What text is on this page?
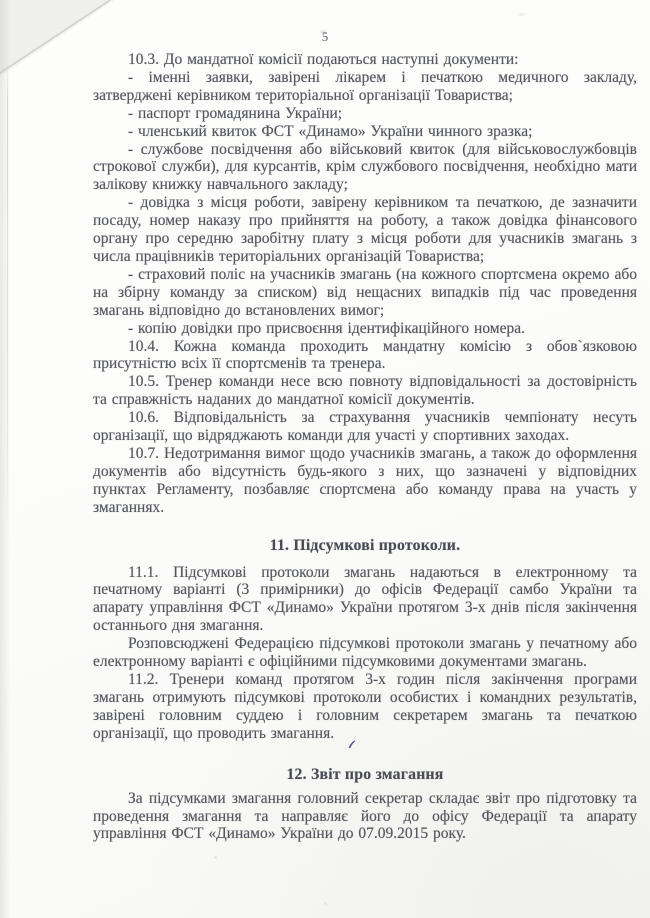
5

10.3. До мандатної комісії подаються наступні документи:

- іменні заявки, завірені лікарем і печаткою медичного закладу, затверджені керівником територіальної організації Товариства;

- паспорт громадянина України;

- членський квиток ФСТ «Динамо» України чинного зразка;

- службове посвідчення або військовий квиток (для військовослужбовців строкової служби), для курсантів, крім службового посвідчення, необхідно мати залікову книжку навчального закладу;

- довідка з місця роботи, завірену керівником та печаткою, де зазначити посаду, номер наказу про прийняття на роботу, а також довідка фінансового органу про середню заробітну плату з місця роботи для учасників змагань з числа працівників територіальних організацій Товариства;

- страховий поліс на учасників змагань (на кожного спортсмена окремо або на збірну команду за списком) від нещасних випадків під час проведення змагань відповідно до встановлених вимог;

- копію довідки про присвоєння ідентифікаційного номера.

10.4. Кожна команда проходить мандатну комісію з обов`язковою присутністю всіх її спортсменів та тренера.

10.5. Тренер команди несе всю повноту відповідальності за достовірність та справжність наданих до мандатної комісії документів.

10.6. Відповідальність за страхування учасників чемпіонату несуть організації, що відряджають команди для участі у спортивних заходах.

10.7. Недотримання вимог щодо учасників змагань, а також до оформлення документів або відсутність будь-якого з них, що зазначені у відповідних пунктах Регламенту, позбавляє спортсмена або команду права на участь у змаганнях.

11. Підсумкові протоколи.

11.1. Підсумкові протоколи змагань надаються в електронному та печатному варіанті (3 примірники) до офісів Федерації самбо України та апарату управління ФСТ «Динамо» України протягом 3-х днів після закінчення останнього дня змагання.

Розповсюджені Федерацією підсумкові протоколи змагань у печатному або електронному варіанті є офіційними підсумковими документами змагань.

11.2. Тренери команд протягом 3-х годин після закінчення програми змагань отримують підсумкові протоколи особистих і командних результатів, завірені головним суддею і головним секретарем змагань та печаткою організації, що проводить змагання.

12. Звіт про змагання

За підсумками змагання головний секретар складає звіт про підготовку та проведення змагання та направляє його до офісу Федерації та апарату управління ФСТ «Динамо» України до 07.09.2015 року.
